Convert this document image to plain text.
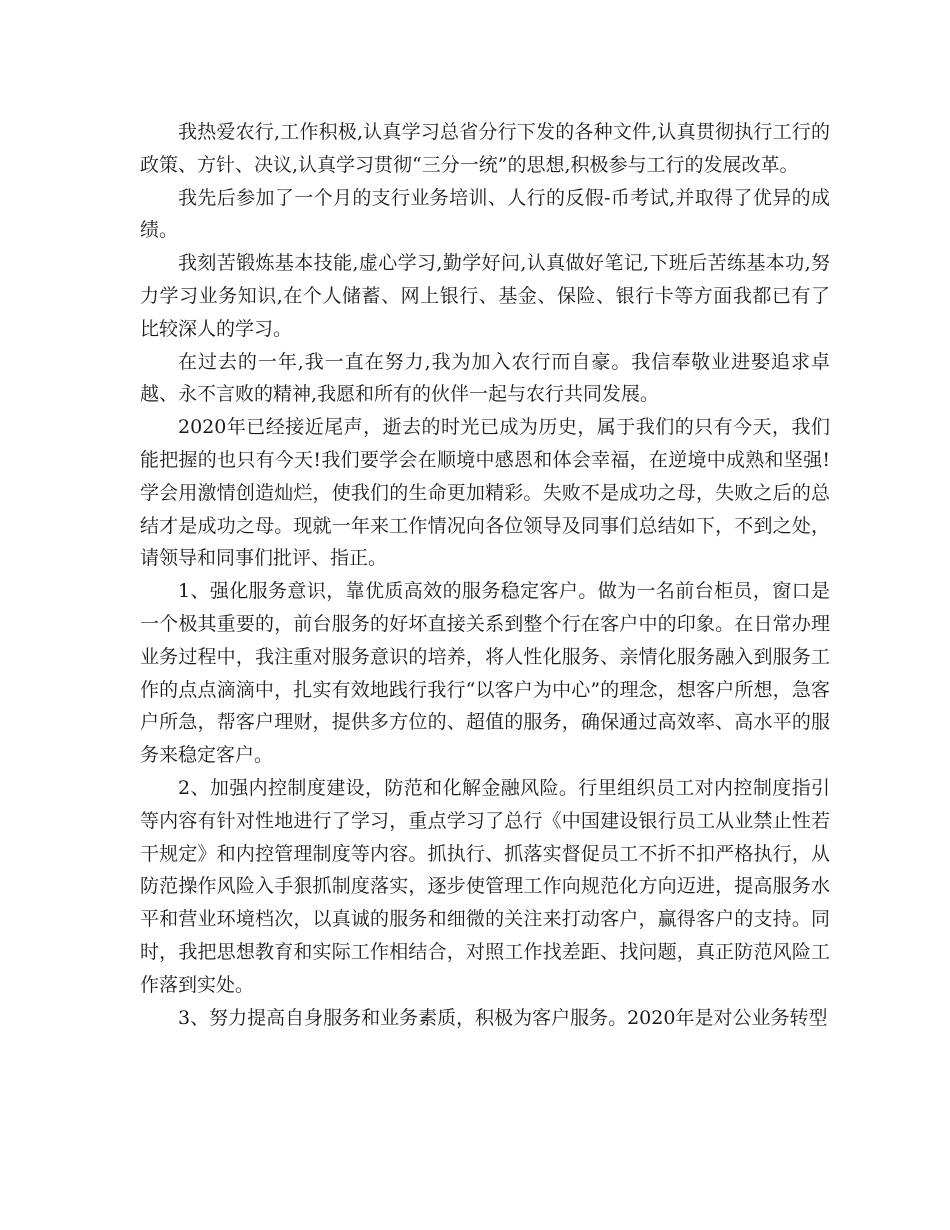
我热爱农行,工作积极,认真学习总省分行下发的各种文件,认真贯彻执行工行的政策、方针、决议,认真学习贯彻“三分一统”的思想,积极参与工行的发展改革。

我先后参加了一个月的支行业务培训、人行的反假-币考试,并取得了优异的成绩。

我刻苦锻炼基本技能,虚心学习,勤学好问,认真做好笔记,下班后苦练基本功,努力学习业务知识,在个人储蓄、网上银行、基金、保险、银行卡等方面我都已有了比较深人的学习。

在过去的一年,我一直在努力,我为加入农行而自豪。我信奉敬业进娶追求卓越、永不言败的精神,我愿和所有的伙伴一起与农行共同发展。

2020年已经接近尾声，逝去的时光已成为历史，属于我们的只有今天，我们能把握的也只有今天!我们要学会在顺境中感恩和体会幸福，在逆境中成熟和坚强!学会用激情创造灿烂，使我们的生命更加精彩。失败不是成功之母，失败之后的总结才是成功之母。现就一年来工作情况向各位领导及同事们总结如下，不到之处，请领导和同事们批评、指正。

1、强化服务意识，靠优质高效的服务稳定客户。做为一名前台柜员，窗口是一个极其重要的，前台服务的好坏直接关系到整个行在客户中的印象。在日常办理业务过程中，我注重对服务意识的培养，将人性化服务、亲情化服务融入到服务工作的点点滴滴中，扎实有效地践行我行“以客户为中心”的理念，想客户所想，急客户所急，帮客户理财，提供多方位的、超值的服务，确保通过高效率、高水平的服务来稳定客户。

2、加强内控制度建设，防范和化解金融风险。行里组织员工对内控制度指引等内容有针对性地进行了学习，重点学习了总行《中国建设银行员工从业禁止性若干规定》和内控管理制度等内容。抓执行、抓落实督促员工不折不扣严格执行，从防范操作风险入手狠抓制度落实，逐步使管理工作向规范化方向迈进，提高服务水平和营业环境档次，以真诚的服务和细微的关注来打动客户，赢得客户的支持。同时，我把思想教育和实际工作相结合，对照工作找差距、找问题，真正防范风险工作落到实处。

3、努力提高自身服务和业务素质，积极为客户服务。2020年是对公业务转型
